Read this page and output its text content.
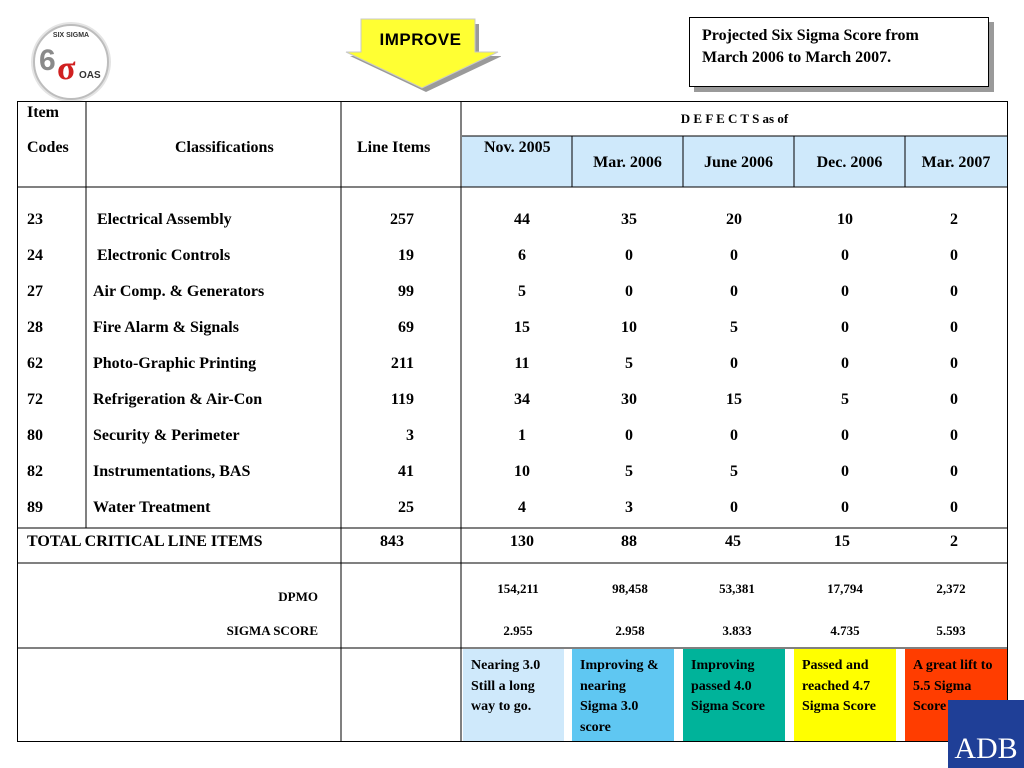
SIX SIGMA
6 σ OAS
IMPROVE	Projected Six Sigma Score from
March 2006 to March 2007.
Item
Codes	Classifications	Line Items
D E F E C T S as of
Nov. 2005
Mar. 2006	June 2006	Dec. 2006	Mar. 2007
23	Electrical Assembly	257	44	35	20	10	2
24	Electronic Controls	19	6	0	0	0	0
27	Air Comp. & Generators	99	5	0	0	0	0
28	Fire Alarm & Signals	69	15	10	5	0	0
62	Photo-Graphic Printing	211	11	5	0	0	0
72	Refrigeration & Air-Con	119	34	30	15	5	0
80	Security & Perimeter	3	1	0	0	0	0
82	Instrumentations, BAS	41	10	5	5	0	0
89	Water Treatment	25	4	3	0	0	0
TOTAL CRITICAL LINE ITEMS	843	130	88	45	15	2
DPMO
SIGMA SCORE
154,211	98,458	53,381	17,794	2,372
2.955	2.958	3.833	4.735	5.593
Nearing 3.0 Still a long way to go.
Improving & nearing Sigma 3.0 score
Improving passed 4.0 Sigma Score
Passed and reached 4.7 Sigma Score
A great lift to 5.5 Sigma Score
ADB
